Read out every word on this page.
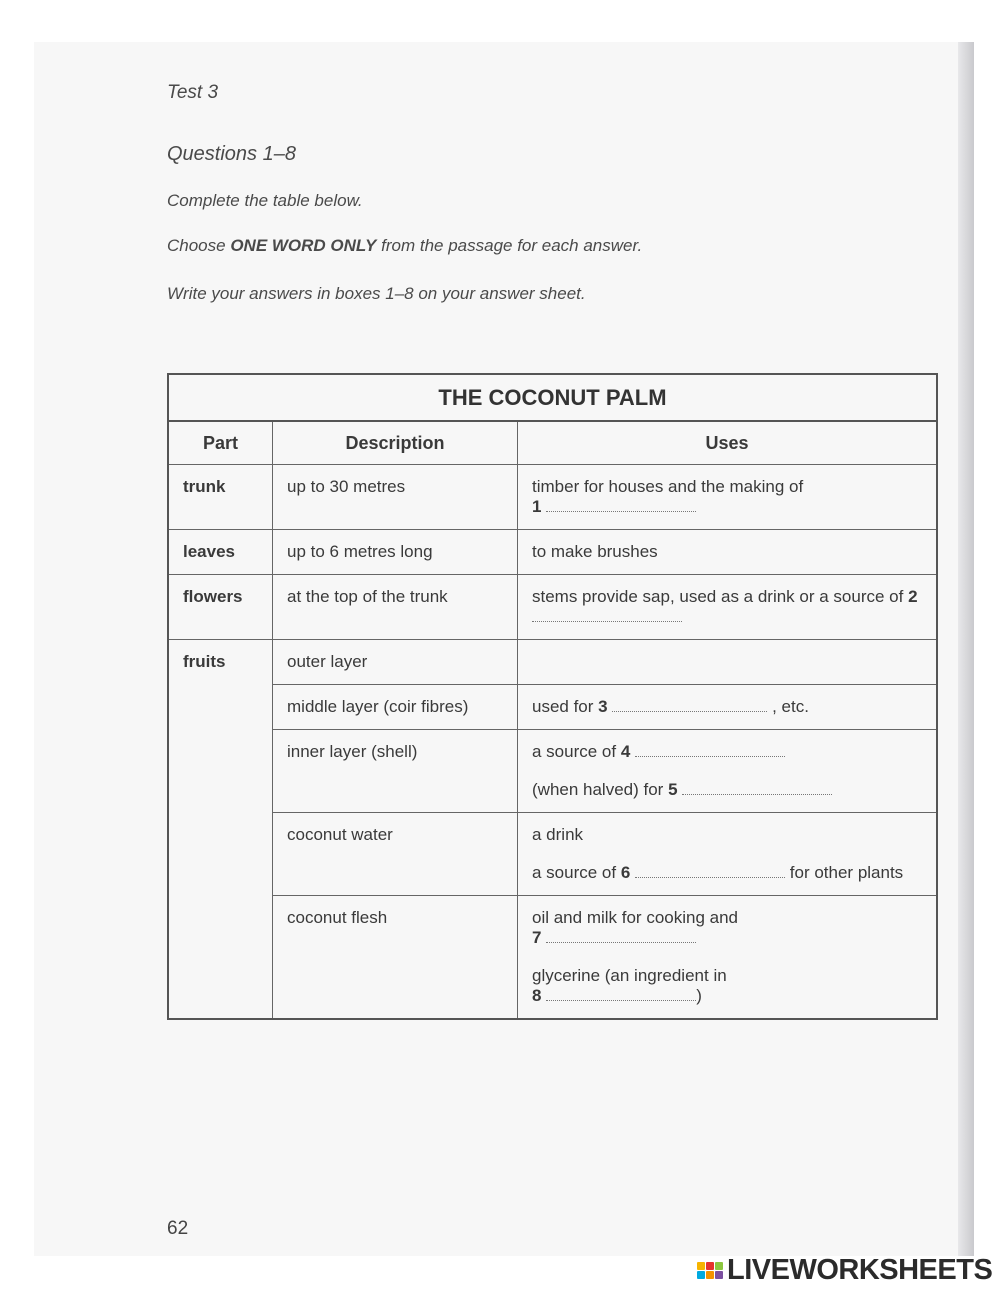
Test 3

Questions 1–8

Complete the table below.

Choose ONE WORD ONLY from the passage for each answer.

Write your answers in boxes 1–8 on your answer sheet.

THE COCONUT PALM		
Part	Description	Uses
trunk	up to 30 metres	timber for houses and the making of
1

leaves	up to 6 metres long	to make brushes
flowers	at the top of the trunk	stems provide sap, used as a drink or a source of 2
fruits	outer layer	
	middle layer (coir fibres)	used for 3 , etc.
	inner layer (shell)	a source of 4
(when halved) for 5

	coconut water	a drink
a source of 6 for other plants

	coconut flesh	oil and milk for cooking and
7
glycerine (an ingredient in
8 )
62
LIVEWORKSHEETS
